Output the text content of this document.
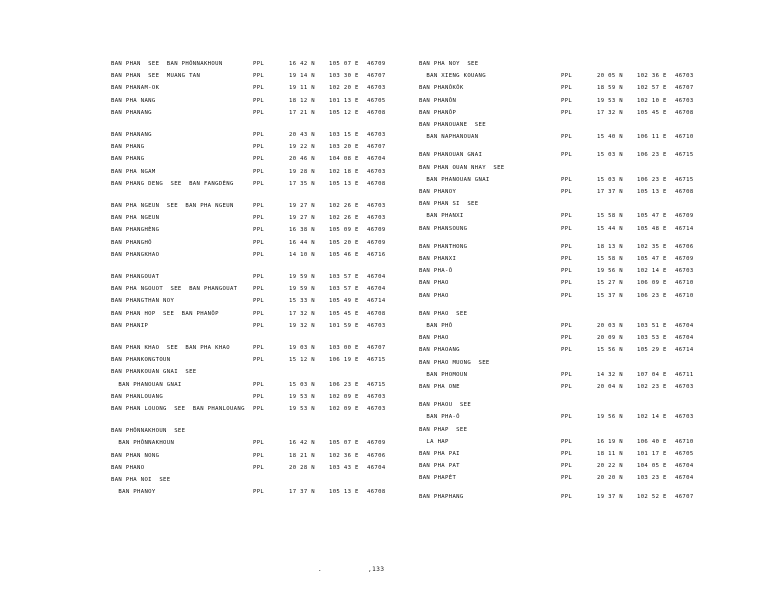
BAN PHAN  SEE  BAN PHÔNNAKHOUN	PPL	16 42 N 105 07 E 46709
BAN PHAN  SEE  MUANG TAN	PPL	19 14 N 103 30 E 46707
BAN PHANAM-OK	PPL	19 11 N 102 20 E 46703
BAN PHA NANG	PPL	18 12 N 101 13 E 46705
BAN PHANANG	PPL	17 21 N 105 12 E 46708
BAN PHANANG	PPL	20 43 N 103 15 E 46703
BAN PHANG	PPL	19 22 N 103 20 E 46707
BAN PHANG	PPL	20 46 N 104 08 E 46704
BAN PHA NGAM	PPL	19 28 N 102 18 E 46703
BAN PHANG DENG  SEE  BAN FANGDÈNG	PPL	17 35 N 105 13 E 46708
BAN PHA NGEUN  SEE  BAN PHA NGEUN	PPL	19 27 N 102 26 E 46703
BAN PHA NGEUN	PPL	19 27 N 102 26 E 46703
BAN PHANGHÈNG	PPL	16 38 N 105 09 E 46709
BAN PHANGHÔ	PPL	16 44 N 105 20 E 46709
BAN PHANGKHAO	PPL	14 10 N 105 46 E 46716
BAN PHANGOUAT	PPL	19 59 N 103 57 E 46704
BAN PHA NGOUOT  SEE  BAN PHANGOUAT	PPL	19 59 N 103 57 E 46704
BAN PHANGTHAN NOY	PPL	15 33 N 105 49 E 46714
BAN PHAN HOP  SEE  BAN PHANÔP	PPL	17 32 N 105 45 E 46708
BAN PHANIP	PPL	19 32 N 101 59 E 46703
BAN PHAN KHAO  SEE  BAN PHA KHAO	PPL	19 03 N 103 00 E 46707
BAN PHANKONGTOUN	PPL	15 12 N 106 19 E 46715
BAN PHANKOUAN GNAI  SEE
BAN PHANOUAN GNAI	PPL	15 03 N 106 23 E 46715
BAN PHANLOUANG	PPL	19 53 N 102 09 E 46703
BAN PHAN LOUONG  SEE  BAN PHANLOUANG PPL	19 53 N 102 09 E 46703
BAN PHÔNNAKHOUN  SEE
BAN PHÔNNAKHOUN	PPL	16 42 N 105 07 E 46709
BAN PHAN NONG	PPL	18 21 N 102 36 E 46706
BAN PHANO	PPL	20 28 N 103 43 E 46704
BAN PHA NOI  SEE
BAN PHANOY	PPL	17 37 N 105 13 E 46708
BAN PHA NOY  SEE
BAN XIENG KOUANG	PPL	20 05 N 102 36 E 46703
BAN PHANÔKÔK	PPL	18 59 N 102 57 E 46707
BAN PHANÔN	PPL	19 53 N 102 10 E 46703
BAN PHANÔP	PPL	17 32 N 105 45 E 46708
BAN PHANOUANE  SEE
BAN NAPHANOUAN	PPL	15 40 N 106 11 E 46710
BAN PHANOUAN GNAI	PPL	15 03 N 106 23 E 46715
BAN PHAN OUAN NHAY  SEE
BAN PHANOUAN GNAI	PPL	15 03 N 106 23 E 46715
BAN PHANOY	PPL	17 37 N 105 13 E 46708
BAN PHAN SI  SEE
BAN PHANXI	PPL	15 58 N 105 47 E 46709
BAN PHANSOUNG	PPL	15 44 N 105 48 E 46714
BAN PHANTHONG	PPL	18 13 N 102 35 E 46706
BAN PHANXI	PPL	15 58 N 105 47 E 46709
BAN PHA-Ô	PPL	19 56 N 102 14 E 46703
BAN PHAO	PPL	15 27 N 106 09 E 46710
BAN PHAO	PPL	15 37 N 106 23 E 46710
BAN PHAO  SEE
BAN PHÔ	PPL	20 03 N 103 51 E 46704
BAN PHAO	PPL	20 09 N 103 53 E 46704
BAN PHAOANG	PPL	15 56 N 105 29 E 46714
BAN PHAO MUONG  SEE
BAN PHOMOUN	PPL	14 32 N 107 04 E 46711
BAN PHA ONE	PPL	20 04 N 102 23 E 46703
BAN PHAOU  SEE
BAN PHA-Ô	PPL	19 56 N 102 14 E 46703
BAN PHAP  SEE
LA HAP	PPL	16 19 N 106 40 E 46710
BAN PHA PAI	PPL	18 11 N 101 17 E 46705
BAN PHA PAT	PPL	20 22 N 104 05 E 46704
BAN PHAPÉT	PPL	20 20 N 103 23 E 46704
BAN PHAPHANG	PPL	19 37 N 102 52 E 46707
.	,133
